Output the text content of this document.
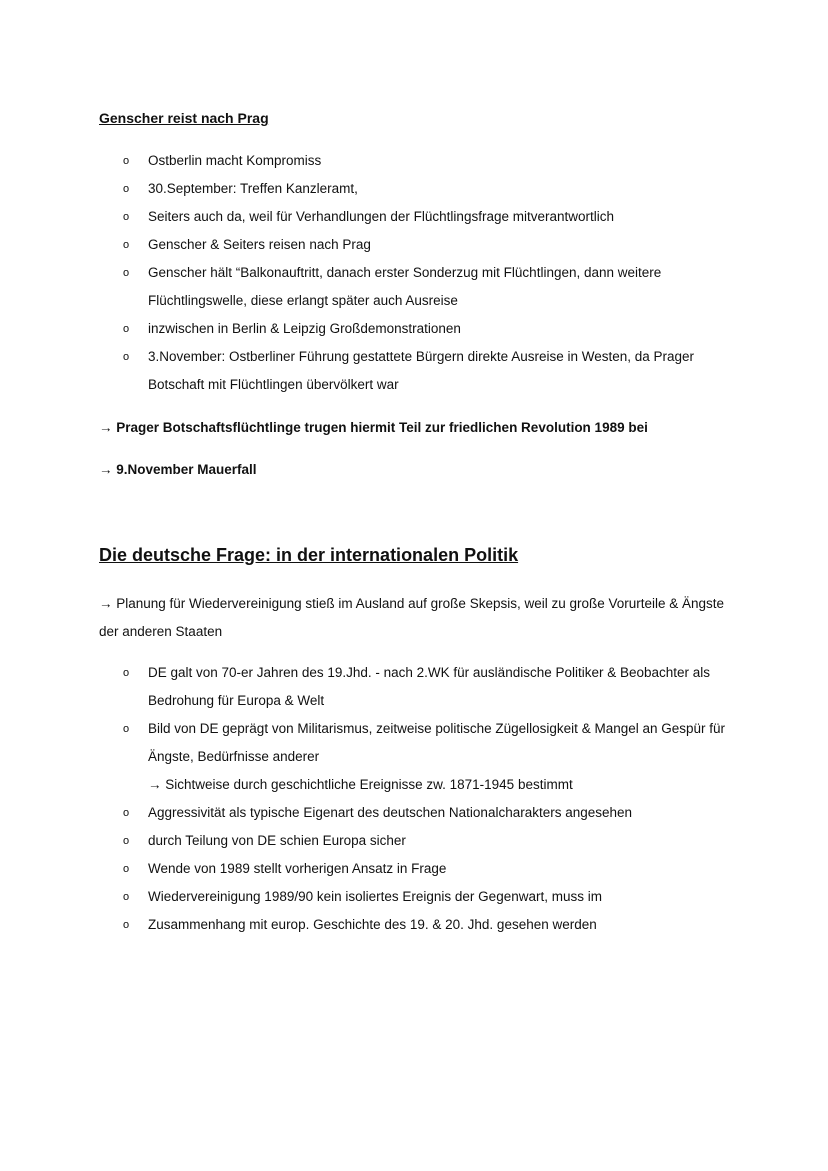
Genscher reist nach Prag
o Ostberlin macht Kompromiss
o 30.September: Treffen Kanzleramt,
o Seiters auch da, weil für Verhandlungen der Flüchtlingsfrage mitverantwortlich
o Genscher & Seiters reisen nach Prag
o Genscher hält “Balkonauftritt, danach erster Sonderzug mit Flüchtlingen, dann weitere Flüchtlingswelle, diese erlangt später auch Ausreise
o inzwischen in Berlin & Leipzig Großdemonstrationen
o 3.November: Ostberliner Führung gestattete Bürgern direkte Ausreise in Westen, da Prager Botschaft mit Flüchtlingen übervölkert war

→ Prager Botschaftsflüchtlinge trugen hiermit Teil zur friedlichen Revolution 1989 bei

→ 9.November Mauerfall

Die deutsche Frage: in der internationalen Politik

→ Planung für Wiedervereinigung stieß im Ausland auf große Skepsis, weil zu große Vorurteile & Ängste der anderen Staaten

o DE galt von 70-er Jahren des 19.Jhd. - nach 2.WK für ausländische Politiker & Beobachter als Bedrohung für Europa & Welt
o Bild von DE geprägt von Militarismus, zeitweise politische Zügellosigkeit & Mangel an Gespür für Ängste, Bedürfnisse anderer
→ Sichtweise durch geschichtliche Ereignisse zw. 1871-1945 bestimmt
o Aggressivität als typische Eigenart des deutschen Nationalcharakters angesehen
o durch Teilung von DE schien Europa sicher
o Wende von 1989 stellt vorherigen Ansatz in Frage
o Wiedervereinigung 1989/90 kein isoliertes Ereignis der Gegenwart, muss im
o Zusammenhang mit europ. Geschichte des 19. & 20. Jhd. gesehen werden
